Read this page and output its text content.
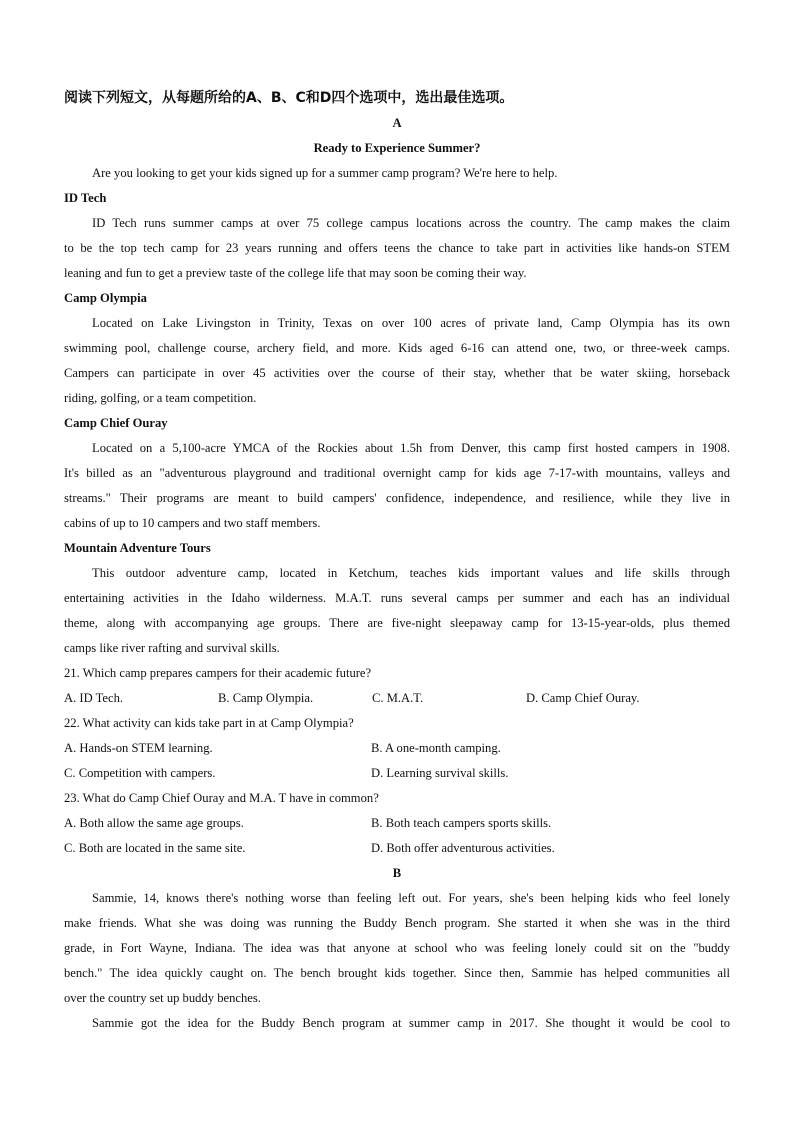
阅读下列短文，从每题所给的A、B、C和D四个选项中，选出最佳选项。
A
Ready to Experience Summer?
Are you looking to get your kids signed up for a summer camp program? We're here to help.
ID Tech
ID Tech runs summer camps at over 75 college campus locations across the country. The camp makes the claim
to be the top tech camp for 23 years running and offers teens the chance to take part in activities like hands-on STEM
leaning and fun to get a preview taste of the college life that may soon be coming their way.
Camp Olympia
Located on Lake Livingston in Trinity, Texas on over 100 acres of private land, Camp Olympia has its own
swimming pool, challenge course, archery field, and more. Kids aged 6-16 can attend one, two, or three-week camps.
Campers can participate in over 45 activities over the course of their stay, whether that be water skiing, horseback
riding, golfing, or a team competition.
Camp Chief Ouray
Located on a 5,100-acre YMCA of the Rockies about 1.5h from Denver, this camp first hosted campers in 1908.
It's billed as an "adventurous playground and traditional overnight camp for kids age 7-17-with mountains, valleys and
streams." Their programs are meant to build campers' confidence, independence, and resilience, while they live in
cabins of up to 10 campers and two staff members.
Mountain Adventure Tours
This outdoor adventure camp, located in Ketchum, teaches kids important values and life skills through
entertaining activities in the Idaho wilderness. M.A.T. runs several camps per summer and each has an individual
theme, along with accompanying age groups. There are five-night sleepaway camp for 13-15-year-olds, plus themed
camps like river rafting and survival skills.
21. Which camp prepares campers for their academic future?
A. ID Tech.	B. Camp Olympia.	C. M.A.T.	D. Camp Chief Ouray.
22. What activity can kids take part in at Camp Olympia?
A. Hands-on STEM learning.	B. A one-month camping.
C. Competition with campers.	D. Learning survival skills.
23. What do Camp Chief Ouray and M.A. T have in common?
A. Both allow the same age groups.	B. Both teach campers sports skills.
C. Both are located in the same site.	D. Both offer adventurous activities.
B
Sammie, 14, knows there's nothing worse than feeling left out. For years, she's been helping kids who feel lonely
make friends. What she was doing was running the Buddy Bench program. She started it when she was in the third
grade, in Fort Wayne, Indiana. The idea was that anyone at school who was feeling lonely could sit on the "buddy
bench." The idea quickly caught on. The bench brought kids together. Since then, Sammie has helped communities all
over the country set up buddy benches.
Sammie got the idea for the Buddy Bench program at summer camp in 2017. She thought it would be cool to
